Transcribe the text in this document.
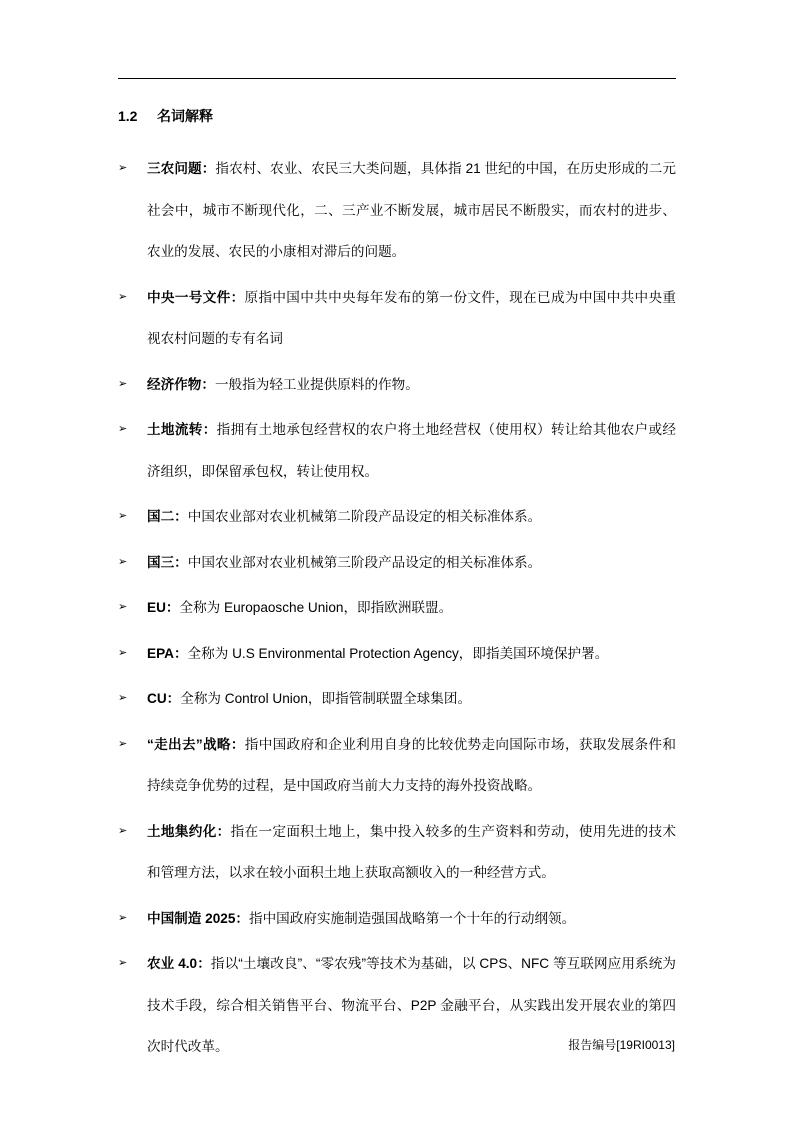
1.2 名词解释
➢ 三农问题：指农村、农业、农民三大类问题，具体指 21 世纪的中国，在历史形成的二元社会中，城市不断现代化，二、三产业不断发展，城市居民不断殷实，而农村的进步、农业的发展、农民的小康相对滞后的问题。
➢ 中央一号文件：原指中国中共中央每年发布的第一份文件，现在已成为中国中共中央重视农村问题的专有名词
➢ 经济作物：一般指为轻工业提供原料的作物。
➢ 土地流转：指拥有土地承包经营权的农户将土地经营权（使用权）转让给其他农户或经济组织，即保留承包权，转让使用权。
➢ 国二：中国农业部对农业机械第二阶段产品设定的相关标准体系。
➢ 国三：中国农业部对农业机械第三阶段产品设定的相关标准体系。
➢ EU：全称为 Europaosche Union，即指欧洲联盟。
➢ EPA：全称为 U.S Environmental Protection Agency，即指美国环境保护署。
➢ CU：全称为 Control Union，即指管制联盟全球集团。
➢ “走出去”战略：指中国政府和企业利用自身的比较优势走向国际市场，获取发展条件和持续竞争优势的过程，是中国政府当前大力支持的海外投资战略。
➢ 土地集约化：指在一定面积土地上，集中投入较多的生产资料和劳动，使用先进的技术和管理方法，以求在较小面积土地上获取高额收入的一种经营方式。
➢ 中国制造 2025：指中国政府实施制造强国战略第一个十年的行动纲领。
➢ 农业 4.0：指以“土壤改良”、“零农残”等技术为基础，以 CPS、NFC 等互联网应用系统为技术手段，综合相关销售平台、物流平台、P2P 金融平台，从实践出发开展农业的第四次时代改革。	报告编号[19RI0013]
